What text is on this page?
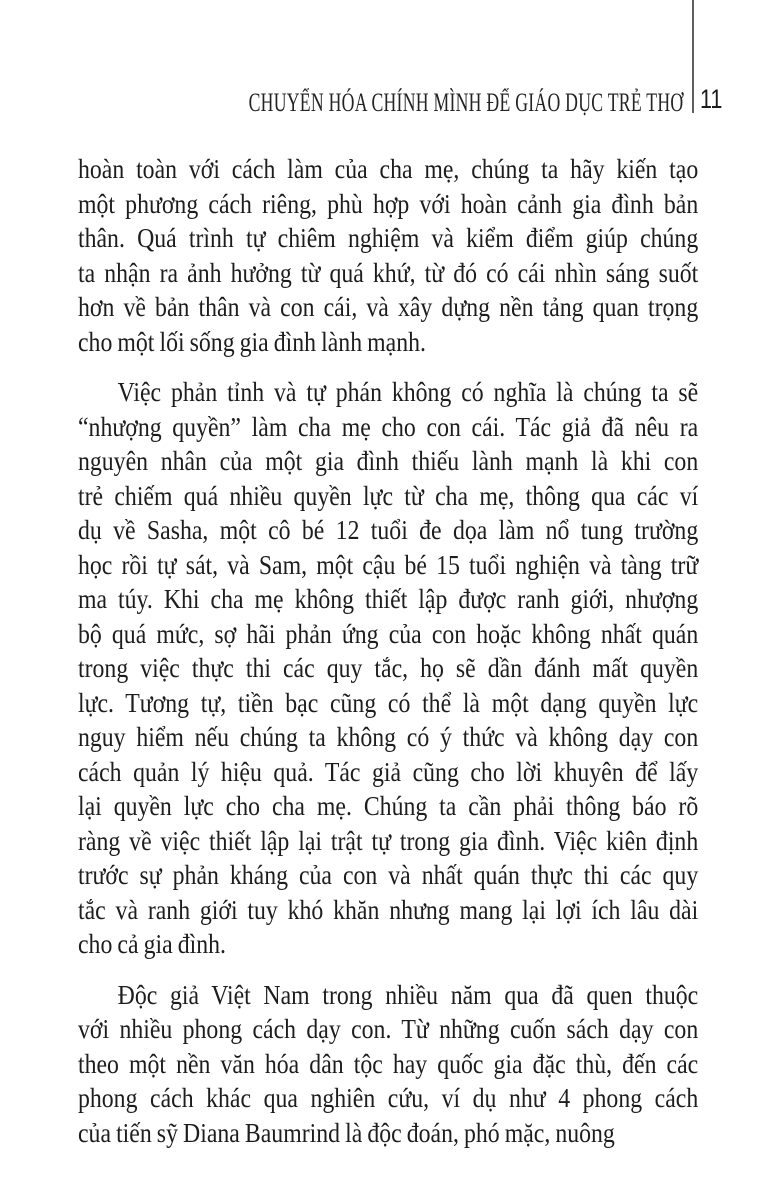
CHUYỂN HÓA CHÍNH MÌNH ĐỂ GIÁO DỤC TRẺ THƠ 11
hoàn toàn với cách làm của cha mẹ, chúng ta hãy kiến tạo
một phương cách riêng, phù hợp với hoàn cảnh gia đình bản
thân. Quá trình tự chiêm nghiệm và kiểm điểm giúp chúng
ta nhận ra ảnh hưởng từ quá khứ, từ đó có cái nhìn sáng suốt
hơn về bản thân và con cái, và xây dựng nền tảng quan trọng
cho một lối sống gia đình lành mạnh.
Việc phản tỉnh và tự phán không có nghĩa là chúng ta sẽ
“nhượng quyền” làm cha mẹ cho con cái. Tác giả đã nêu ra
nguyên nhân của một gia đình thiếu lành mạnh là khi con
trẻ chiếm quá nhiều quyền lực từ cha mẹ, thông qua các ví
dụ về Sasha, một cô bé 12 tuổi đe dọa làm nổ tung trường
học rồi tự sát, và Sam, một cậu bé 15 tuổi nghiện và tàng trữ
ma túy. Khi cha mẹ không thiết lập được ranh giới, nhượng
bộ quá mức, sợ hãi phản ứng của con hoặc không nhất quán
trong việc thực thi các quy tắc, họ sẽ dần đánh mất quyền
lực. Tương tự, tiền bạc cũng có thể là một dạng quyền lực
nguy hiểm nếu chúng ta không có ý thức và không dạy con
cách quản lý hiệu quả. Tác giả cũng cho lời khuyên để lấy
lại quyền lực cho cha mẹ. Chúng ta cần phải thông báo rõ
ràng về việc thiết lập lại trật tự trong gia đình. Việc kiên định
trước sự phản kháng của con và nhất quán thực thi các quy
tắc và ranh giới tuy khó khăn nhưng mang lại lợi ích lâu dài
cho cả gia đình.
Độc giả Việt Nam trong nhiều năm qua đã quen thuộc
với nhiều phong cách dạy con. Từ những cuốn sách dạy con
theo một nền văn hóa dân tộc hay quốc gia đặc thù, đến các
phong cách khác qua nghiên cứu, ví dụ như 4 phong cách
của tiến sỹ Diana Baumrind là độc đoán, phó mặc, nuông
